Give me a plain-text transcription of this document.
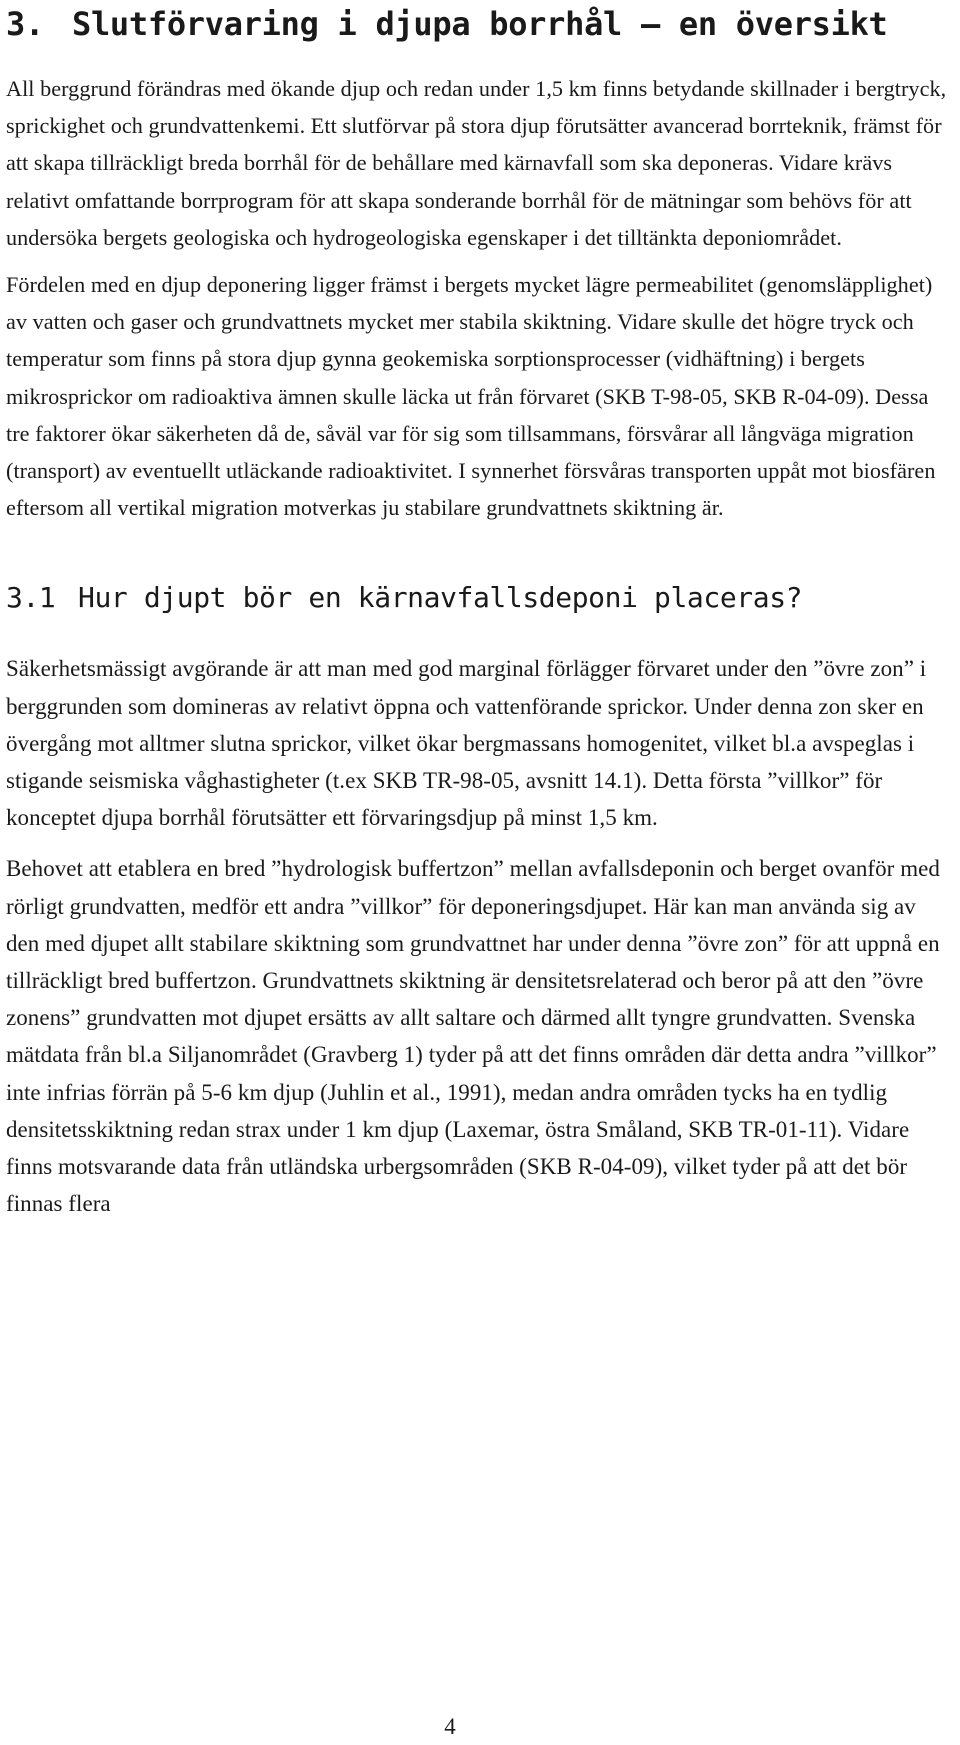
3. Slutförvaring i djupa borrhål – en översikt

All berggrund förändras med ökande djup och redan under 1,5 km finns betydande skillnader i bergtryck, sprickighet och grundvattenkemi. Ett slutförvar på stora djup förutsätter avancerad borrteknik, främst för att skapa tillräckligt breda borrhål för de behållare med kärnavfall som ska deponeras. Vidare krävs relativt omfattande borrprogram för att skapa sonderande borrhål för de mätningar som behövs för att undersöka bergets geologiska och hydrogeologiska egenskaper i det tilltänkta deponiområdet.

Fördelen med en djup deponering ligger främst i bergets mycket lägre permeabilitet (genomsläpplighet) av vatten och gaser och grundvattnets mycket mer stabila skiktning. Vidare skulle det högre tryck och temperatur som finns på stora djup gynna geokemiska sorptionsprocesser (vidhäftning) i bergets mikrosprickor om radioaktiva ämnen skulle läcka ut från förvaret (SKB T-98-05, SKB R-04-09). Dessa tre faktorer ökar säkerheten då de, såväl var för sig som tillsammans, försvårar all långväga migration (transport) av eventuellt utläckande radioaktivitet. I synnerhet försvåras transporten uppåt mot biosfären eftersom all vertikal migration motverkas ju stabilare grundvattnets skiktning är.

3.1 Hur djupt bör en kärnavfallsdeponi placeras?

Säkerhetsmässigt avgörande är att man med god marginal förlägger förvaret under den ”övre zon” i berggrunden som domineras av relativt öppna och vattenförande sprickor. Under denna zon sker en övergång mot alltmer slutna sprickor, vilket ökar bergmassans homogenitet, vilket bl.a avspeglas i stigande seismiska våghastigheter (t.ex SKB TR-98-05, avsnitt 14.1). Detta första ”villkor” för konceptet djupa borrhål förutsätter ett förvaringsdjup på minst 1,5 km.

Behovet att etablera en bred ”hydrologisk buffertzon” mellan avfallsdeponin och berget ovanför med rörligt grundvatten, medför ett andra ”villkor” för deponeringsdjupet. Här kan man använda sig av den med djupet allt stabilare skiktning som grundvattnet har under denna ”övre zon” för att uppnå en tillräckligt bred buffertzon. Grundvattnets skiktning är densitetsrelaterad och beror på att den ”övre zonens” grundvatten mot djupet ersätts av allt saltare och därmed allt tyngre grundvatten. Svenska mätdata från bl.a Siljanområdet (Gravberg 1) tyder på att det finns områden där detta andra ”villkor” inte infrias förrän på 5-6 km djup (Juhlin et al., 1991), medan andra områden tycks ha en tydlig densitetsskiktning redan strax under 1 km djup (Laxemar, östra Småland, SKB TR-01-11). Vidare finns motsvarande data från utländska urbergsområden (SKB R-04-09), vilket tyder på att det bör finnas flera

4
